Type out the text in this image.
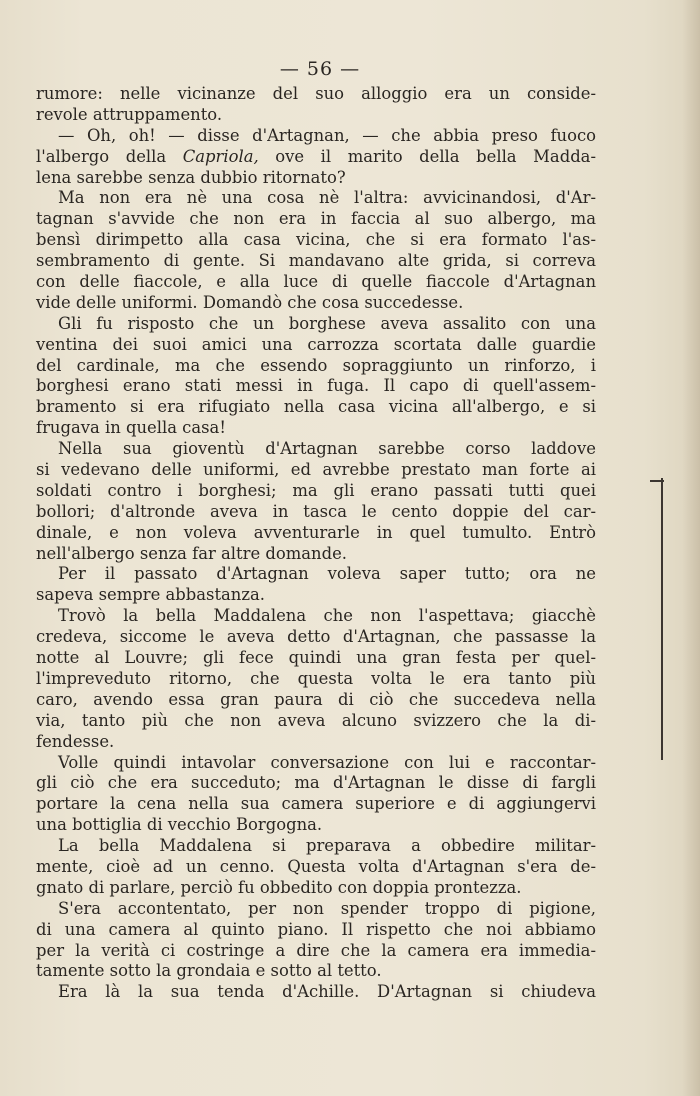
— 56 —
rumore: nelle vicinanze del suo alloggio era un conside-
revole attruppamento.
— Oh, oh! — disse d'Artagnan, — che abbia preso fuoco
l'albergo della Capriola, ove il marito della bella Madda-
lena sarebbe senza dubbio ritornato?
Ma non era nè una cosa nè l'altra: avvicinandosi, d'Ar-
tagnan s'avvide che non era in faccia al suo albergo, ma
bensì dirimpetto alla casa vicina, che si era formato l'as-
sembramento di gente. Si mandavano alte grida, si correva
con delle fiaccole, e alla luce di quelle fiaccole d'Artagnan
vide delle uniformi. Domandò che cosa succedesse.
Gli fu risposto che un borghese aveva assalito con una
ventina dei suoi amici una carrozza scortata dalle guardie
del cardinale, ma che essendo sopraggiunto un rinforzo, i
borghesi erano stati messi in fuga. Il capo di quell'assem-
bramento si era rifugiato nella casa vicina all'albergo, e si
frugava in quella casa!
Nella sua gioventù d'Artagnan sarebbe corso laddove
si vedevano delle uniformi, ed avrebbe prestato man forte ai
soldati contro i borghesi; ma gli erano passati tutti quei
bollori; d'altronde aveva in tasca le cento doppie del car-
dinale, e non voleva avventurarle in quel tumulto. Entrò
nell'albergo senza far altre domande.
Per il passato d'Artagnan voleva saper tutto; ora ne
sapeva sempre abbastanza.
Trovò la bella Maddalena che non l'aspettava; giacchè
credeva, siccome le aveva detto d'Artagnan, che passasse la
notte al Louvre; gli fece quindi una gran festa per quel-
l'impreveduto ritorno, che questa volta le era tanto più
caro, avendo essa gran paura di ciò che succedeva nella
via, tanto più che non aveva alcuno svizzero che la di-
fendesse.
Volle quindi intavolar conversazione con lui e raccontar-
gli ciò che era succeduto; ma d'Artagnan le disse di fargli
portare la cena nella sua camera superiore e di aggiungervi
una bottiglia di vecchio Borgogna.
La bella Maddalena si preparava a obbedire militar-
mente, cioè ad un cenno. Questa volta d'Artagnan s'era de-
gnato di parlare, perciò fu obbedito con doppia prontezza.
S'era accontentato, per non spender troppo di pigione,
di una camera al quinto piano. Il rispetto che noi abbiamo
per la verità ci costringe a dire che la camera era immedia-
tamente sotto la grondaia e sotto al tetto.
Era là la sua tenda d'Achille. D'Artagnan si chiudeva
